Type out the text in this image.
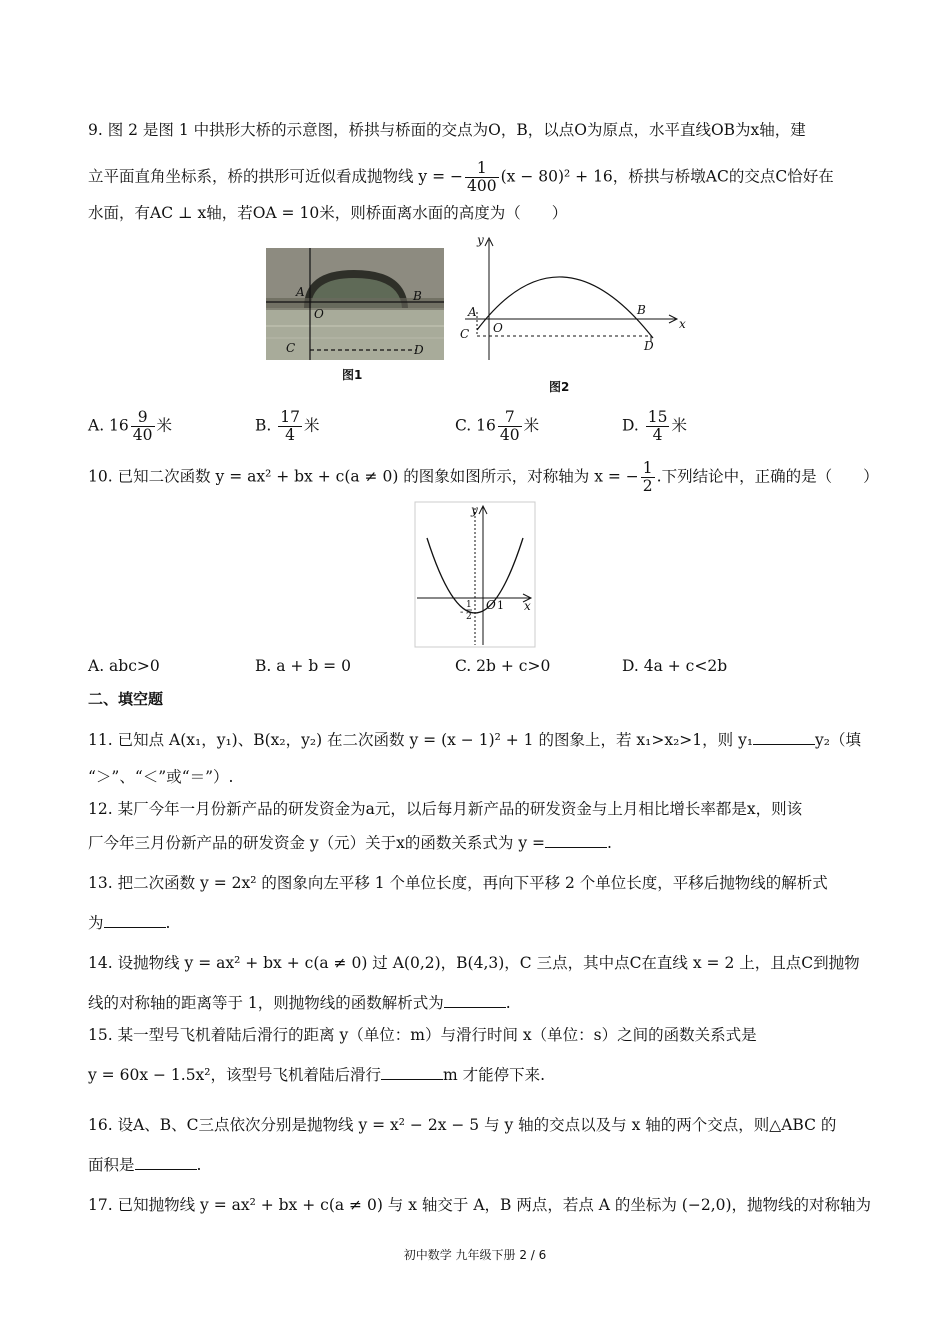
9. 图 2 是图 1 中拱形大桥的示意图，桥拱与桥面的交点为O，B，以点O为原点，水平直线OB为x轴，建
立平面直角坐标系，桥的拱形可近似看成抛物线 y = − $\frac{1}{400} (x - 80)^2 + 16$，桥拱与桥墩AC的交点C恰好在
水面，有AC ⊥ x轴，若OA = 10米，则桥面离水面的高度为（　　）
A
O
B
C	D
图1
y
x
A
O
B
C
D
图2
A. $16 \frac{9}{40}$ 米	B. $\frac{17}{4}$ 米	C. $16 \frac{7}{40}$ 米	D. $\frac{15}{4}$ 米
10. 已知二次函数 y = ax² + bx + c(a ≠ 0) 的图象如图所示，对称轴为 x = − $\frac{1}{2}$ .下列结论中，正确的是（　　）
y
x
O 1
-
1
2
A. abc>0	B. a + b = 0	C. 2b + c>0	D. 4a + c<2b
二、填空题
11. 已知点 A(x₁，y₁)、B(x₂，y₂) 在二次函数 y = (x − 1)² + 1 的图象上，若 x₁>x₂>1，则 y₁	y₂（填
“＞”、“＜”或“＝”）.
12. 某厂今年一月份新产品的研发资金为a元，以后每月新产品的研发资金与上月相比增长率都是x，则该
厂今年三月份新产品的研发资金 y（元）关于x的函数关系式为 y =	.
13. 把二次函数 y = 2x² 的图象向左平移 1 个单位长度，再向下平移 2 个单位长度，平移后抛物线的解析式
为	.
14. 设抛物线 y = ax² + bx + c(a ≠ 0) 过 A(0,2)，B(4,3)，C 三点，其中点C在直线 x = 2 上，且点C到抛物
线的对称轴的距离等于 1，则抛物线的函数解析式为	.
15. 某一型号飞机着陆后滑行的距离 y（单位：m）与滑行时间 x（单位：s）之间的函数关系式是
y = 60x − 1.5x²，该型号飞机着陆后滑行	m 才能停下来.
16. 设A、B、C三点依次分别是抛物线 y = x² − 2x − 5 与 y 轴的交点以及与 x 轴的两个交点，则△ABC 的
面积是	.
17. 已知抛物线 y = ax² + bx + c(a ≠ 0) 与 x 轴交于 A，B 两点，若点 A 的坐标为 (−2,0)，抛物线的对称轴为
初中数学 九年级下册 2 / 6
